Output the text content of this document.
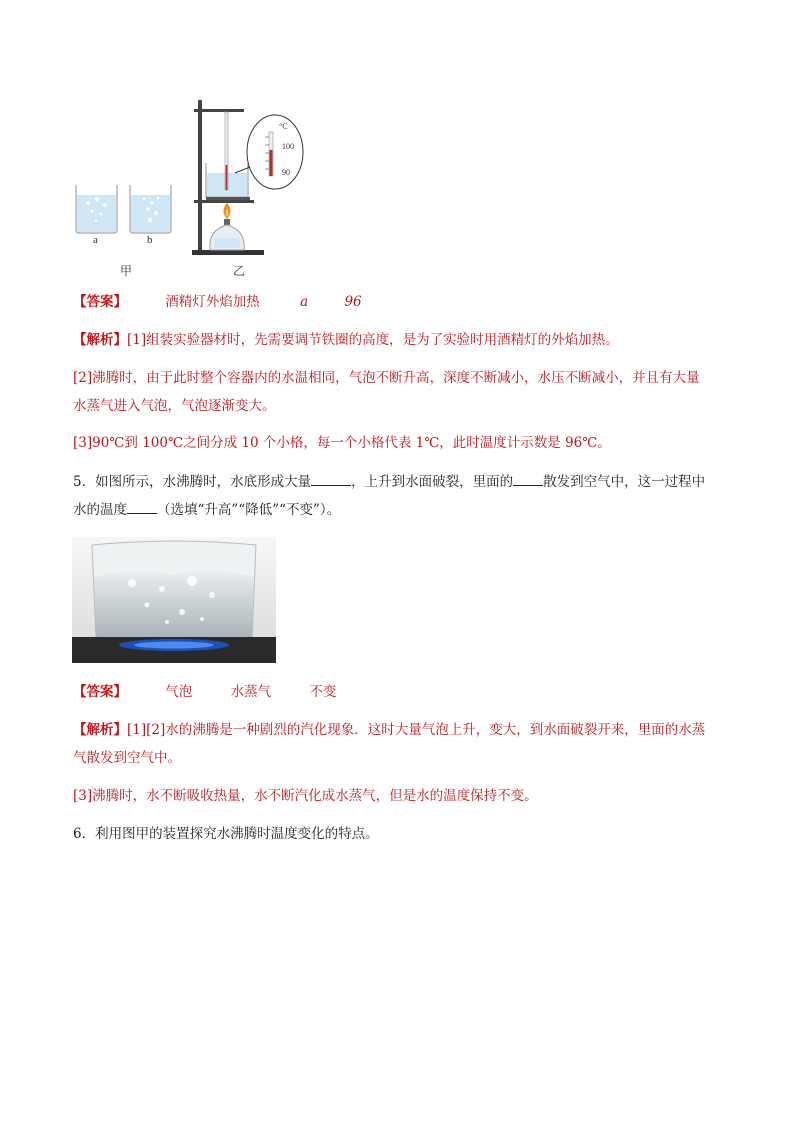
a	b
甲	乙
°C
100
90
【答案】	酒精灯外焰加热	a	96
【解析】[1]组装实验器材时，先需要调节铁圈的高度，是为了实验时用酒精灯的外焰加热。
[2]沸腾时，由于此时整个容器内的水温相同，气泡不断升高，深度不断减小，水压不断减小，并且有大量
水蒸气进入气泡，气泡逐渐变大。
[3]90℃到 100℃之间分成 10 个小格，每一个小格代表 1℃，此时温度计示数是 96℃。
5．如图所示，水沸腾时，水底形成大量	，上升到水面破裂，里面的 散发到空气中，这一过程中
水的温度 （选填“升高”“降低”“不变”）。
【答案】	气泡	水蒸气	不变
【解析】[1][2]水的沸腾是一种剧烈的汽化现象．这时大量气泡上升，变大，到水面破裂开来，里面的水蒸
气散发到空气中。
[3]沸腾时，水不断吸收热量，水不断汽化成水蒸气，但是水的温度保持不变。
6．利用图甲的装置探究水沸腾时温度变化的特点。
